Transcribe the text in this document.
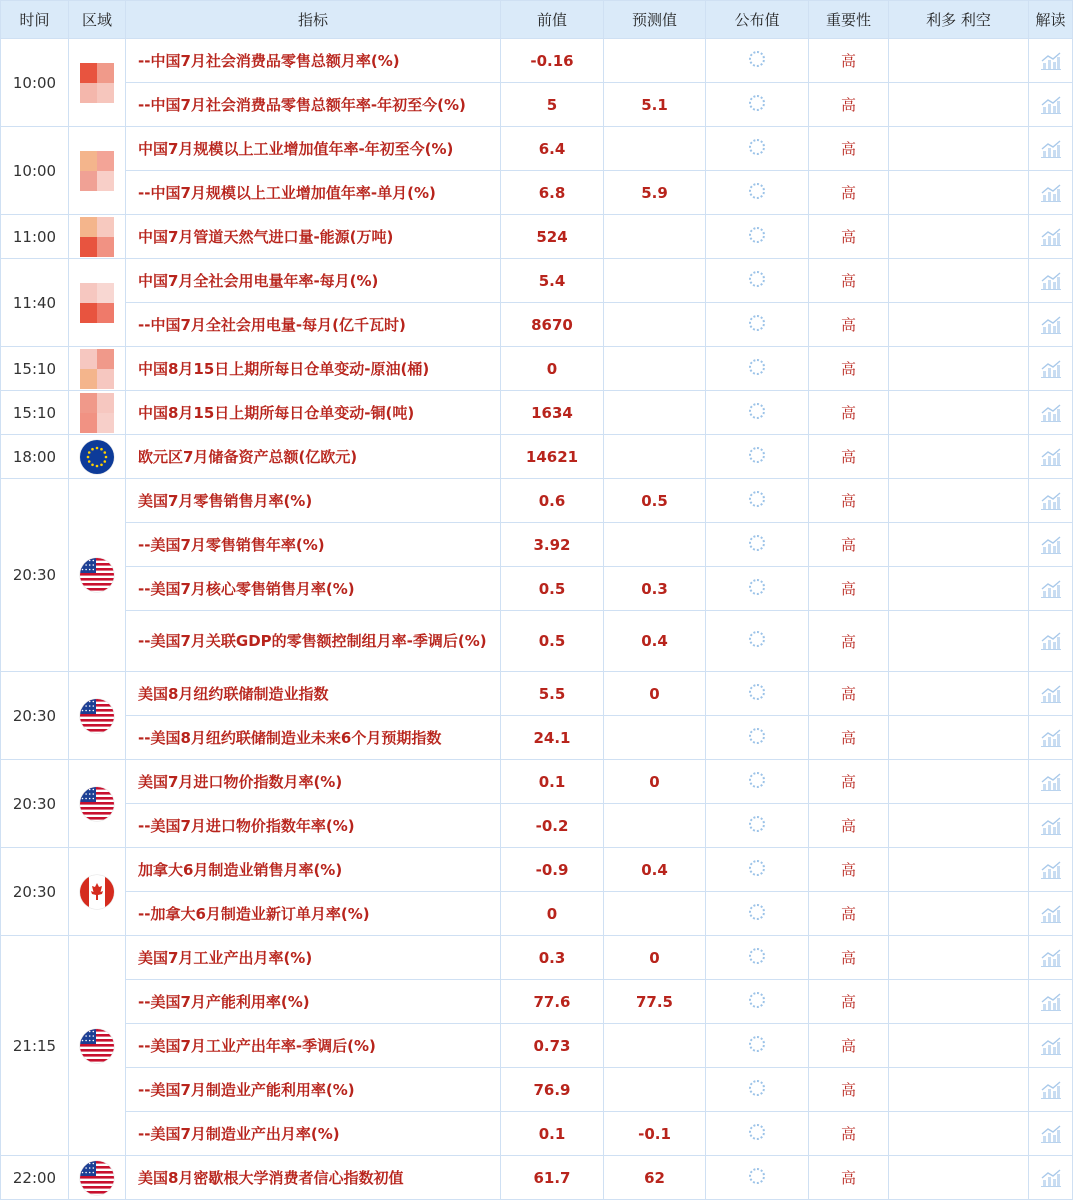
时间	区域	指标	前值	预测值	公布值	重要性	利多 利空	解读
10:00		--中国7月社会消费品零售总额月率(%)	-0.16			高		
		--中国7月社会消费品零售总额年率-年初至今(%)	5	5.1		高		
10:00		中国7月规模以上工业增加值年率-年初至今(%)	6.4			高		
		--中国7月规模以上工业增加值年率-单月(%)	6.8	5.9		高		
11:00		中国7月管道天然气进口量-能源(万吨)	524			高		
11:40		中国7月全社会用电量年率-每月(%)	5.4			高		
		--中国7月全社会用电量-每月(亿千瓦时)	8670			高		
15:10		中国8月15日上期所每日仓单变动-原油(桶)	0			高		
15:10		中国8月15日上期所每日仓单变动-铜(吨)	1634			高		
18:00		欧元区7月储备资产总额(亿欧元)	14621			高		
20:30		美国7月零售销售月率(%)	0.6	0.5		高		
		--美国7月零售销售年率(%)	3.92			高		
		--美国7月核心零售销售月率(%)	0.5	0.3		高		
		--美国7月关联GDP的零售额控制组月率-季调后(%)	0.5	0.4		高		
20:30		美国8月纽约联储制造业指数	5.5	0		高		
		--美国8月纽约联储制造业未来6个月预期指数	24.1			高		
20:30		美国7月进口物价指数月率(%)	0.1	0		高		
		--美国7月进口物价指数年率(%)	-0.2			高		
20:30		加拿大6月制造业销售月率(%)	-0.9	0.4		高		
		--加拿大6月制造业新订单月率(%)	0			高		
21:15		美国7月工业产出月率(%)	0.3	0		高		
		--美国7月产能利用率(%)	77.6	77.5		高		
		--美国7月工业产出年率-季调后(%)	0.73			高		
		--美国7月制造业产能利用率(%)	76.9			高		
		--美国7月制造业产出月率(%)	0.1	-0.1		高		
22:00		美国8月密歇根大学消费者信心指数初值	61.7	62		高		
